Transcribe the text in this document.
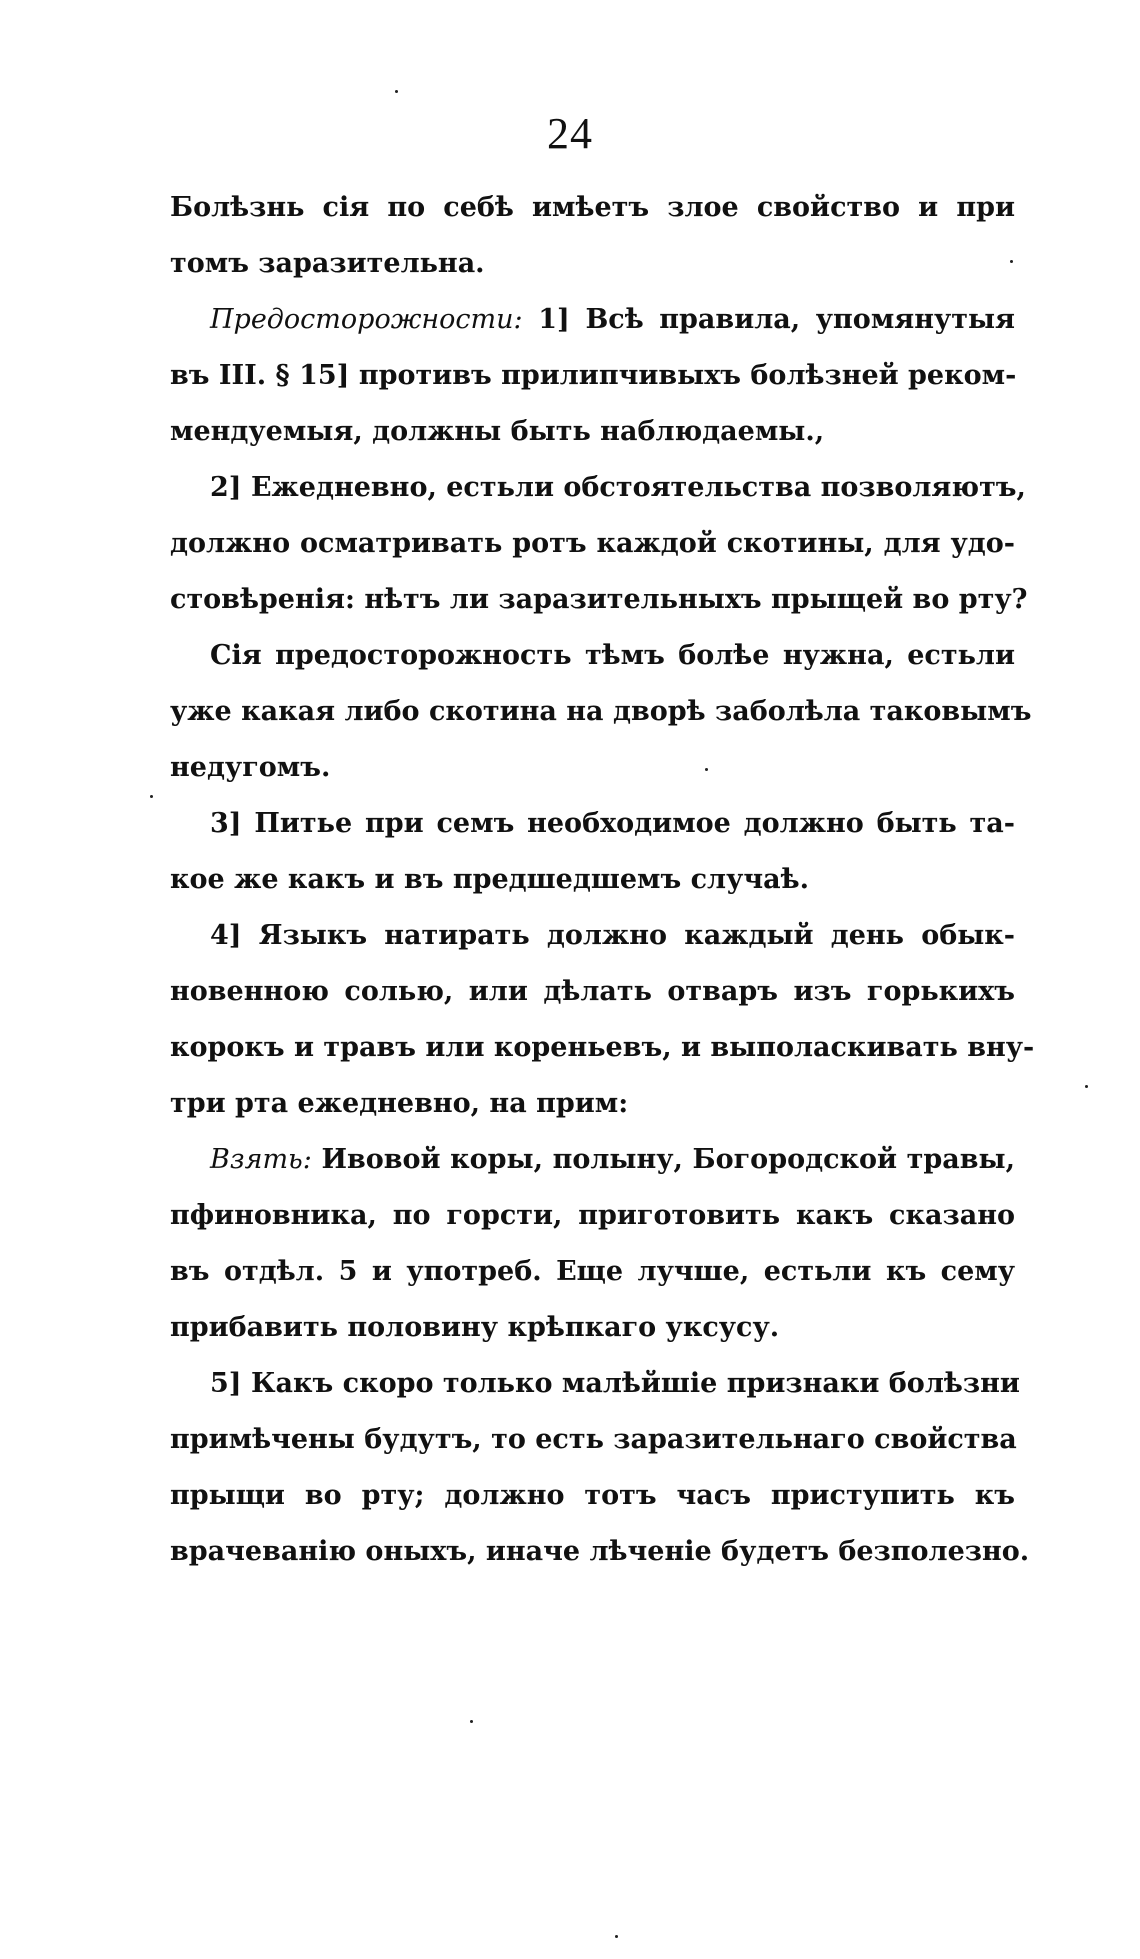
24
Болѣзнь сія по себѣ имѣетъ злое свойство и при
томъ заразительна.
Предосторожности: 1] Всѣ правила, упомянутыя
въ III. § 15] противъ прилипчивыхъ болѣзней реком-
мендуемыя, должны быть наблюдаемы.,
2] Ежедневно, естьли обстоятельства позволяютъ,
должно осматривать ротъ каждой скотины, для удо-
стовѣренія: нѣтъ ли заразительныхъ прыщей во рту?
Сія предосторожность тѣмъ болѣе нужна, естьли
уже какая либо скотина на дворѣ заболѣла таковымъ
недугомъ.
3] Питье при семъ необходимое должно быть та-
кое же какъ и въ предшедшемъ случаѣ.
4] Языкъ натирать должно каждый день обык-
новенною солью, или дѣлать отваръ изъ горькихъ
корокъ и травъ или кореньевъ, и выполаскивать вну-
три рта ежедневно, на прим:
Взять: Ивовой коры, полыну, Богородской травы,
пфиновника, по горсти, приготовить какъ сказано
въ отдѣл. 5 и употреб. Еще лучше, естьли къ сему
прибавить половину крѣпкаго уксусу.
5] Какъ скоро только малѣйшіе признаки болѣзни
примѣчены будутъ, то есть заразительнаго свойства
прыщи во рту; должно тотъ часъ приступить къ
врачеванію оныхъ, иначе лѣченіе будетъ безполезно.
